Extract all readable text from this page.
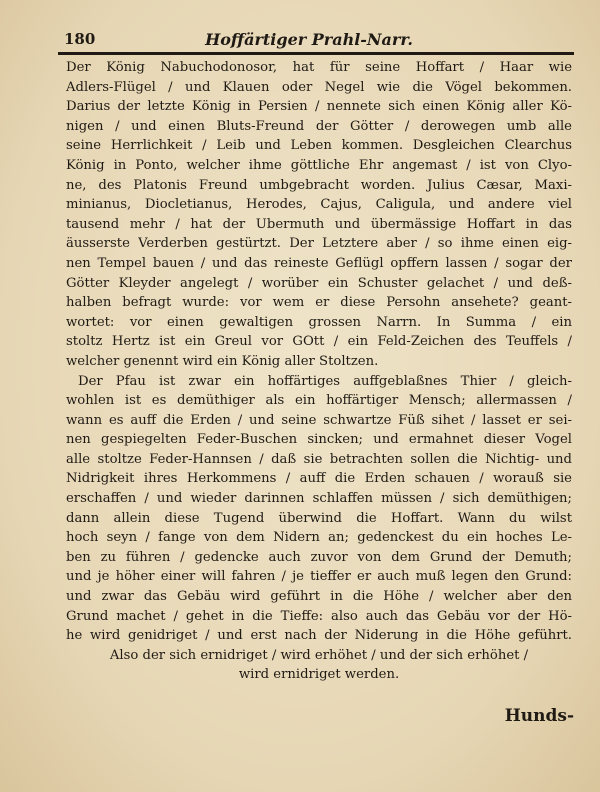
180	Hoffärtiger Prahl-Narr.
Der König Nabuchodonosor, hat für seine Hoffart / Haar wie
Adlers-Flügel / und Klauen oder Negel wie die Vögel bekommen.
Darius der letzte König in Persien / nennete sich einen König aller Kö-
nigen / und einen Bluts-Freund der Götter / derowegen umb alle
seine Herrlichkeit / Leib und Leben kommen. Desgleichen Clearchus
König in Ponto, welcher ihme göttliche Ehr angemast / ist von Clyo-
ne, des Platonis Freund umbgebracht worden. Julius Cæsar, Maxi-
minianus, Diocletianus, Herodes, Cajus, Caligula, und andere viel
tausend mehr / hat der Ubermuth und übermässige Hoffart in das
äusserste Verderben gestürtzt. Der Letztere aber / so ihme einen eig-
nen Tempel bauen / und das reineste Geflügl opffern lassen / sogar der
Götter Kleyder angelegt / worüber ein Schuster gelachet / und deß-
halben befragt wurde: vor wem er diese Persohn ansehete? geant-
wortet: vor einen gewaltigen grossen Narrn. In Summa / ein
stoltz Hertz ist ein Greul vor GOtt / ein Feld-Zeichen des Teuffels /
welcher genennt wird ein König aller Stoltzen.
Der Pfau ist zwar ein hoffärtiges auffgeblaßnes Thier / gleich-
wohlen ist es demüthiger als ein hoffärtiger Mensch; allermassen /
wann es auff die Erden / und seine schwartze Füß sihet / lasset er sei-
nen gespiegelten Feder-Buschen sincken; und ermahnet dieser Vogel
alle stoltze Feder-Hannsen / daß sie betrachten sollen die Nichtig- und
Nidrigkeit ihres Herkommens / auff die Erden schauen / worauß sie
erschaffen / und wieder darinnen schlaffen müssen / sich demüthigen;
dann allein diese Tugend überwind die Hoffart. Wann du wilst
hoch seyn / fange von dem Nidern an; gedenckest du ein hoches Le-
ben zu führen / gedencke auch zuvor von dem Grund der Demuth;
und je höher einer will fahren / je tieffer er auch muß legen den Grund:
und zwar das Gebäu wird geführt in die Höhe / welcher aber den
Grund machet / gehet in die Tieffe: also auch das Gebäu vor der Hö-
he wird genidriget / und erst nach der Niderung in die Höhe geführt.
Also der sich ernidriget / wird erhöhet / und der sich erhöhet /
wird ernidriget werden.
Hunds-
